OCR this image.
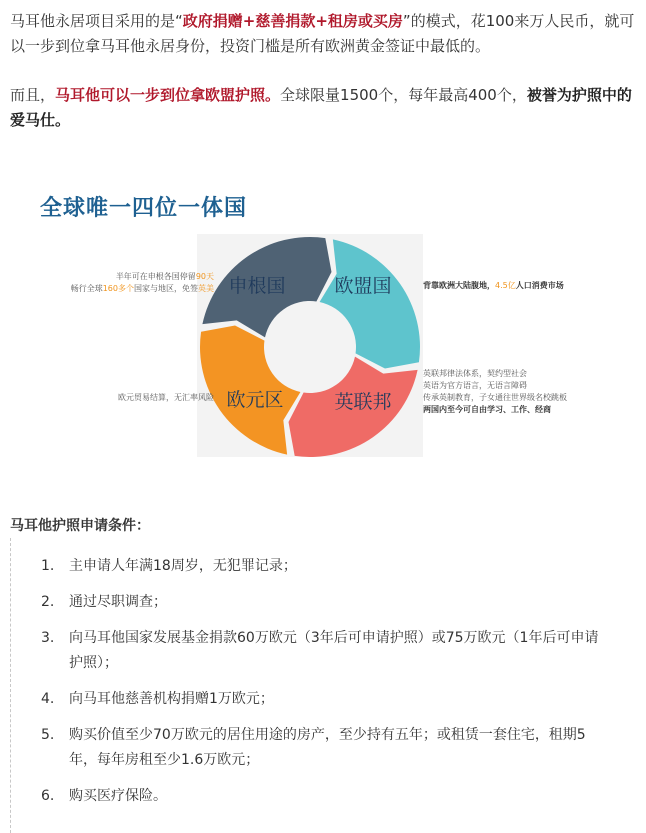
马耳他永居项目采用的是“政府捐赠+慈善捐款+租房或买房”的模式，花100来万人民币，就可以一步到位拿马耳他永居身份，投资门槛是所有欧洲黄金签证中最低的。

而且，马耳他可以一步到位拿欧盟护照。全球限量1500个，每年最高400个，被誉为护照中的爱马仕。

全球唯一四位一体国
申根国	欧盟国
英联邦
欧元区
半年可在申根各国停留90天
畅行全球160多个国家与地区，免签英美	背靠欧洲大陆腹地，4.5亿人口消费市场
欧元贸易结算，无汇率风险
英联邦律法体系，契约型社会
英语为官方语言，无语言障碍
传承英制教育，子女通往世界级名校跳板
两国内至今可自由学习、工作、经商
马耳他护照申请条件：
1. 主申请人年满18周岁，无犯罪记录；
2. 通过尽职调查；
3. 向马耳他国家发展基金捐款60万欧元（3年后可申请护照）或75万欧元（1年后可申请护照）；
4. 向马耳他慈善机构捐赠1万欧元；
5. 购买价值至少70万欧元的居住用途的房产，至少持有五年；或租赁一套住宅，租期5年，每年房租至少1.6万欧元；
6. 购买医疗保险。
